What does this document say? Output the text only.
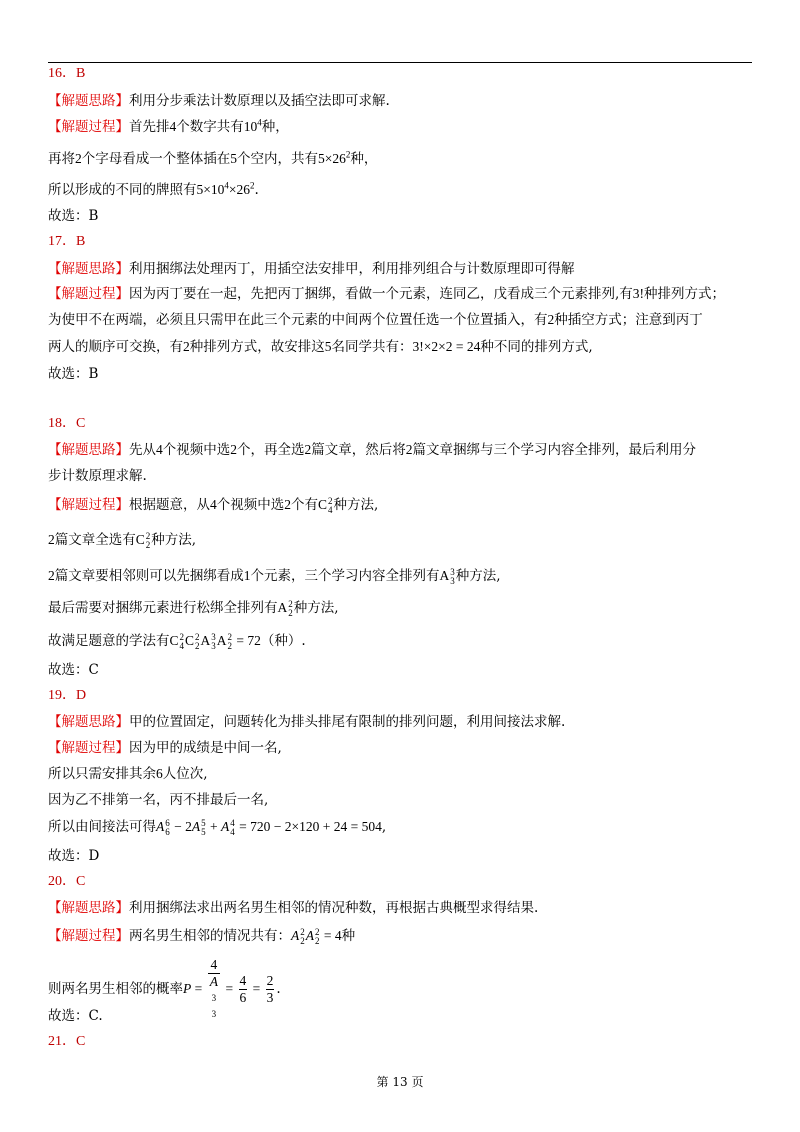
16．B
【解题思路】利用分步乘法计数原理以及插空法即可求解.
【解题过程】首先排4个数字共有$10^4$种，
再将2个字母看成一个整体插在5个空内，共有$5\times 26^2$种，
所以形成的不同的牌照有$5\times 10^4\times 26^2$.
故选：B
17．B
【解题思路】利用捆绑法处理丙丁，用插空法安排甲，利用排列组合与计数原理即可得解
【解题过程】因为丙丁要在一起，先把丙丁捆绑，看做一个元素，连同乙，戊看成三个元素排列,有3!种排列方式；
为使甲不在两端，必须且只需甲在此三个元素的中间两个位置任选一个位置插入，有2种插空方式；注意到丙丁
两人的顺序可交换，有2种排列方式，故安排这5名同学共有：3!×2×2 = 24种不同的排列方式,
故选：B
18．C
【解题思路】先从4个视频中选2个，再全选2篇文章，然后将2篇文章捆绑与三个学习内容全排列，最后利用分
步计数原理求解.
【解题过程】根据题意，从4个视频中选2个有C 2
4 种方法,
2篇文章全选有C 2
2 种方法,
2篇文章要相邻则可以先捆绑看成1个元素，三个学习内容全排列有A 3
3 种方法,
最后需要对捆绑元素进行松绑全排列有A 2
2 种方法,
故满足题意的学法有C 2
4 C 2
2 A 3
3 A 2
2 = 72（种）.
故选：C
19．D
【解题思路】甲的位置固定，问题转化为排头排尾有限制的排列问题，利用间接法求解.
【解题过程】因为甲的成绩是中间一名,
所以只需安排其余6人位次,
因为乙不排第一名，丙不排最后一名,
所以由间接法可得A 6
6 − 2A 5
5 + A 4
4 = 720 − 2×120 + 24 = 504,
故选：D
20．C
【解题思路】利用捆绑法求出两名男生相邻的情况种数，再根据古典概型求得结果.
【解题过程】两名男生相邻的情况共有：A 2
2 A 2
2 = 4种
则两名男生相邻的概率P = 4
A
3
$3 = \frac{4}{6} = \frac{2}{3}$ .
故选：C.
21．C
第 13 页
